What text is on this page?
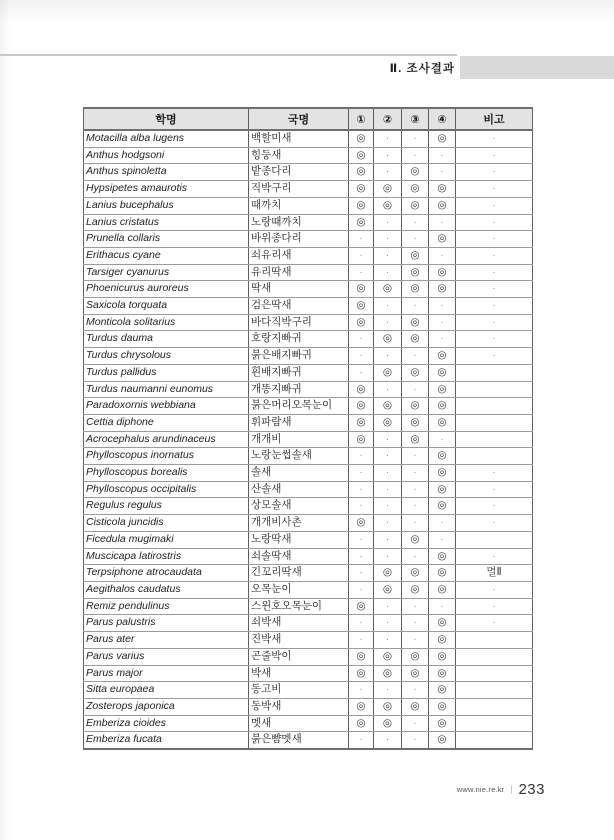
Ⅱ. 조사결과
학명	국명	①	②	③	④	비고
Motacilla alba lugens	백할미새	◎	·	·	◎	·
Anthus hodgsoni	힝둥새	◎	·	·	·	·
Anthus spinoletta	밭종다리	◎	·	◎	·	·
Hypsipetes amaurotis	직박구리	◎	◎	◎	◎	·
Lanius bucephalus	때까치	◎	◎	◎	◎	·
Lanius cristatus	노랑때까치	◎	·	·	·	·
Prunella collaris	바위종다리	·	·	·	◎	·
Erithacus cyane	쇠유리새	·	·	◎	·	·
Tarsiger cyanurus	유리딱새	·	·	◎	◎	·
Phoenicurus auroreus	딱새	◎	◎	◎	◎	·
Saxicola torquata	검은딱새	◎	·	·	·	·
Monticola solitarius	바다직박구리	◎	·	◎	·	·
Turdus dauma	호랑지빠귀	·	◎	◎	·	·
Turdus chrysolous	붉은배지빠귀	·	·	·	◎	·
Turdus pallidus	흰배지빠귀	·	◎	◎	◎	
Turdus naumanni eunomus	개똥지빠귀	◎	·	·	◎	
Paradoxornis webbiana	붉은머리오목눈이	◎	◎	◎	◎	
Cettia diphone	휘파람새	◎	◎	◎	◎	
Acrocephalus arundinaceus	개개비	◎	·	◎	·	
Phylloscopus inornatus	노랑눈썹솔새	·	·	·	◎	
Phylloscopus borealis	솔새	·	·	·	◎	·
Phylloscopus occipitalis	산솔새	·	·	·	◎	·
Regulus regulus	상모솔새	·	·	·	◎	·
Cisticola juncidis	개개비사촌	◎	·	·	·	·
Ficedula mugimaki	노랑딱새	·	·	◎	·	
Muscicapa latirostris	쇠솔딱새	·	·	·	◎	·
Terpsiphone atrocaudata	긴꼬리딱새	·	◎	◎	◎	멸Ⅱ
Aegithalos caudatus	오목눈이	·	◎	◎	◎	·
Remiz pendulinus	스윈호오목눈이	◎	·	·	·	·
Parus palustris	쇠박새	·	·	·	◎	·
Parus ater	진박새	·	·	·	◎	
Parus varius	곤줄박이	◎	◎	◎	◎	
Parus major	박새	◎	◎	◎	◎	
Sitta europaea	동고비	·	·	·	◎	
Zosterops japonica	동박새	◎	◎	◎	◎	
Emberiza cioides	멧새	◎	◎	·	◎	
Emberiza fucata	붉은뺨멧새	·	·	·	◎	
www.nie.re.kr | 233
